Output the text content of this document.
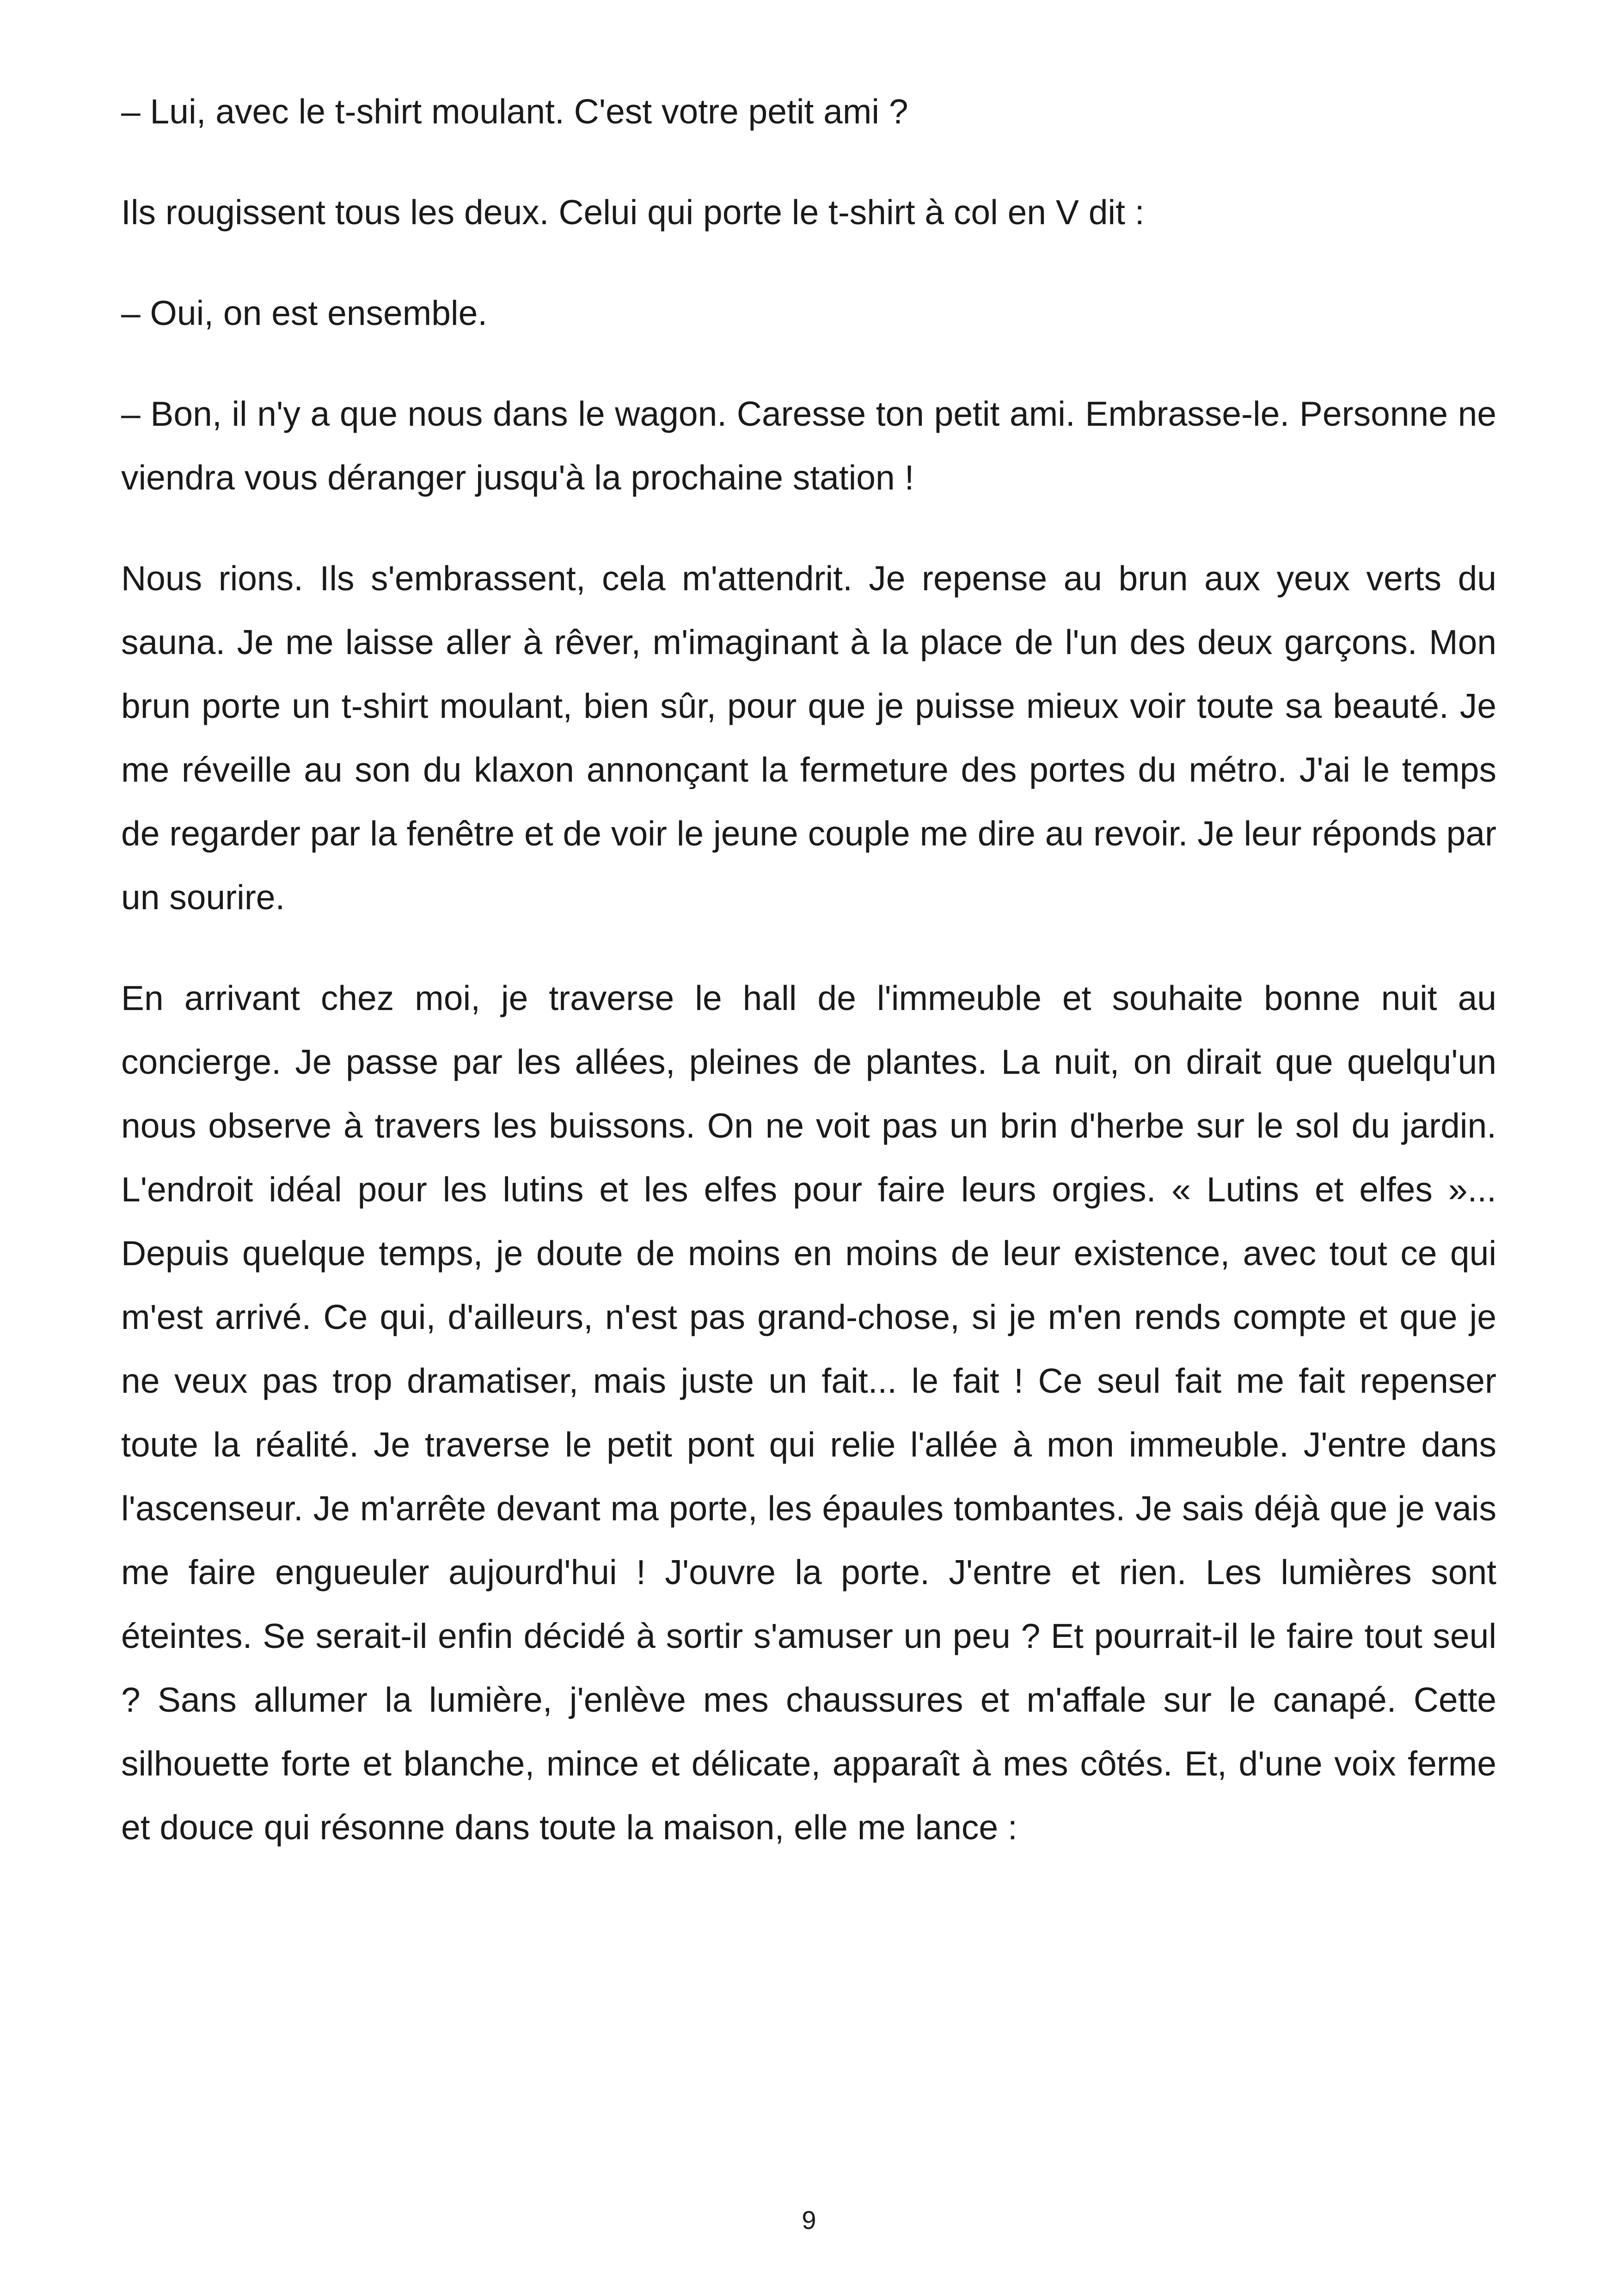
– Lui, avec le t-shirt moulant. C'est votre petit ami ?

Ils rougissent tous les deux. Celui qui porte le t-shirt à col en V dit :

– Oui, on est ensemble.

– Bon, il n'y a que nous dans le wagon. Caresse ton petit ami. Embrasse-le. Personne ne viendra vous déranger jusqu'à la prochaine station !

Nous rions. Ils s'embrassent, cela m'attendrit. Je repense au brun aux yeux verts du sauna. Je me laisse aller à rêver, m'imaginant à la place de l'un des deux garçons. Mon brun porte un t-shirt moulant, bien sûr, pour que je puisse mieux voir toute sa beauté. Je me réveille au son du klaxon annonçant la fermeture des portes du métro. J'ai le temps de regarder par la fenêtre et de voir le jeune couple me dire au revoir. Je leur réponds par un sourire.

En arrivant chez moi, je traverse le hall de l'immeuble et souhaite bonne nuit au concierge. Je passe par les allées, pleines de plantes. La nuit, on dirait que quelqu'un nous observe à travers les buissons. On ne voit pas un brin d'herbe sur le sol du jardin. L'endroit idéal pour les lutins et les elfes pour faire leurs orgies. « Lutins et elfes »... Depuis quelque temps, je doute de moins en moins de leur existence, avec tout ce qui m'est arrivé. Ce qui, d'ailleurs, n'est pas grand-chose, si je m'en rends compte et que je ne veux pas trop dramatiser, mais juste un fait... le fait ! Ce seul fait me fait repenser toute la réalité. Je traverse le petit pont qui relie l'allée à mon immeuble. J'entre dans l'ascenseur. Je m'arrête devant ma porte, les épaules tombantes. Je sais déjà que je vais me faire engueuler aujourd'hui ! J'ouvre la porte. J'entre et rien. Les lumières sont éteintes. Se serait-il enfin décidé à sortir s'amuser un peu ? Et pourrait-il le faire tout seul ? Sans allumer la lumière, j'enlève mes chaussures et m'affale sur le canapé. Cette silhouette forte et blanche, mince et délicate, apparaît à mes côtés. Et, d'une voix ferme et douce qui résonne dans toute la maison, elle me lance :

9
